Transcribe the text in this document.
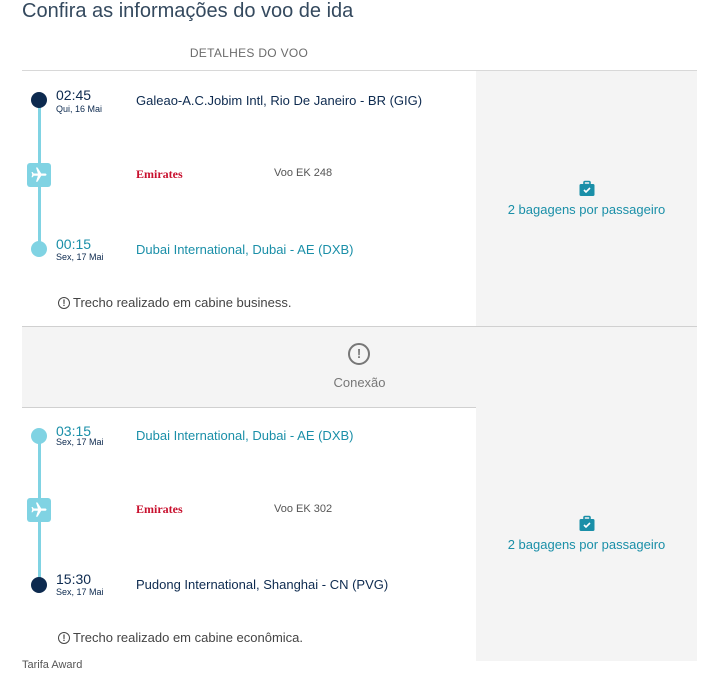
Confira as informações do voo de ida
DETALHES DO VOO
02:45
Qui, 16 Mai
Galeao-A.C.Jobim Intl, Rio De Janeiro - BR (GIG)
Emirates	Voo EK 248
00:15
Sex, 17 Mai Dubai International, Dubai - AE (DXB)
! Trecho realizado em cabine business.
2 bagagens por passageiro
!
Conexão
03:15
Sex, 17 Mai Dubai International, Dubai - AE (DXB)
Emirates	Voo EK 302
15:30
Sex, 17 Mai Pudong International, Shanghai - CN (PVG)
! Trecho realizado em cabine econômica.
2 bagagens por passageiro
Tarifa Award
